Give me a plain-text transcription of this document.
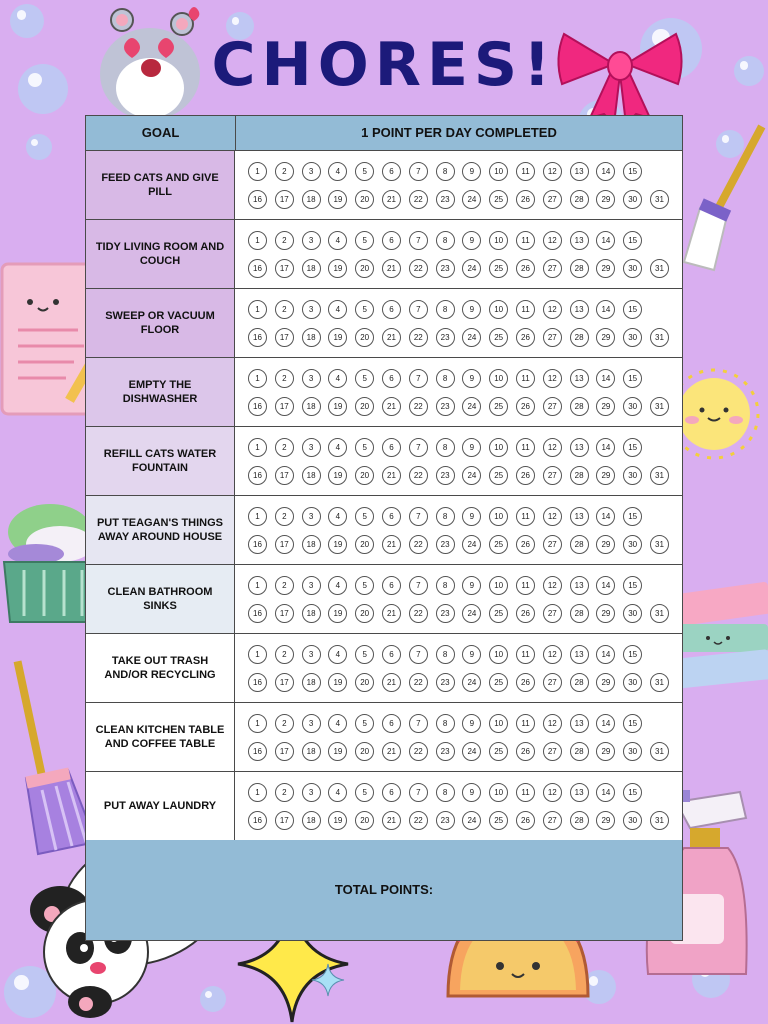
CHORES!
GOAL	1 POINT PER DAY COMPLETED
FEED CATS AND GIVE PILL
1	2	3	4	5	6	7	8	9	10	11	12	13	14	15
16	17	18	19	20	21	22	23	24	25	26	27	28	29	30	31
TIDY LIVING ROOM AND COUCH
1	2	3	4	5	6	7	8	9	10	11	12	13	14	15
16	17	18	19	20	21	22	23	24	25	26	27	28	29	30	31
SWEEP OR VACUUM FLOOR
1	2	3	4	5	6	7	8	9	10	11	12	13	14	15
16	17	18	19	20	21	22	23	24	25	26	27	28	29	30	31
EMPTY THE DISHWASHER
1	2	3	4	5	6	7	8	9	10	11	12	13	14	15
16	17	18	19	20	21	22	23	24	25	26	27	28	29	30	31
REFILL CATS WATER FOUNTAIN
1	2	3	4	5	6	7	8	9	10	11	12	13	14	15
16	17	18	19	20	21	22	23	24	25	26	27	28	29	30	31
PUT TEAGAN'S THINGS AWAY AROUND HOUSE
1	2	3	4	5	6	7	8	9	10	11	12	13	14	15
16	17	18	19	20	21	22	23	24	25	26	27	28	29	30	31
CLEAN BATHROOM SINKS
1	2	3	4	5	6	7	8	9	10	11	12	13	14	15
16	17	18	19	20	21	22	23	24	25	26	27	28	29	30	31
TAKE OUT TRASH AND/OR RECYCLING
1	2	3	4	5	6	7	8	9	10	11	12	13	14	15
16	17	18	19	20	21	22	23	24	25	26	27	28	29	30	31
CLEAN KITCHEN TABLE AND COFFEE TABLE
1	2	3	4	5	6	7	8	9	10	11	12	13	14	15
16	17	18	19	20	21	22	23	24	25	26	27	28	29	30	31
PUT AWAY LAUNDRY
1	2	3	4	5	6	7	8	9	10	11	12	13	14	15
16	17	18	19	20	21	22	23	24	25	26	27	28	29	30	31
TOTAL POINTS:
